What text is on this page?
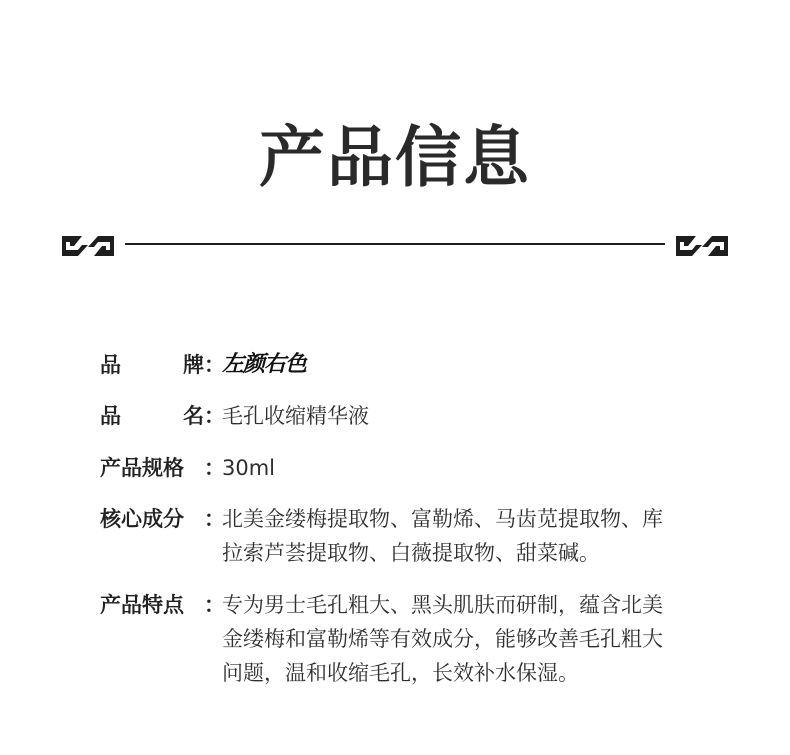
产品信息
品	牌 ：
左颜右色
品	名 ：
毛孔收缩精华液
产品规格 ：
30ml
核心成分 ：
北美金缕梅提取物、富勒烯、马齿苋提取物、库
拉索芦荟提取物、白薇提取物、甜菜碱。
产品特点 ：
专为男士毛孔粗大、黑头肌肤而研制，蕴含北美
金缕梅和富勒烯等有效成分，能够改善毛孔粗大
问题，温和收缩毛孔，长效补水保湿。
